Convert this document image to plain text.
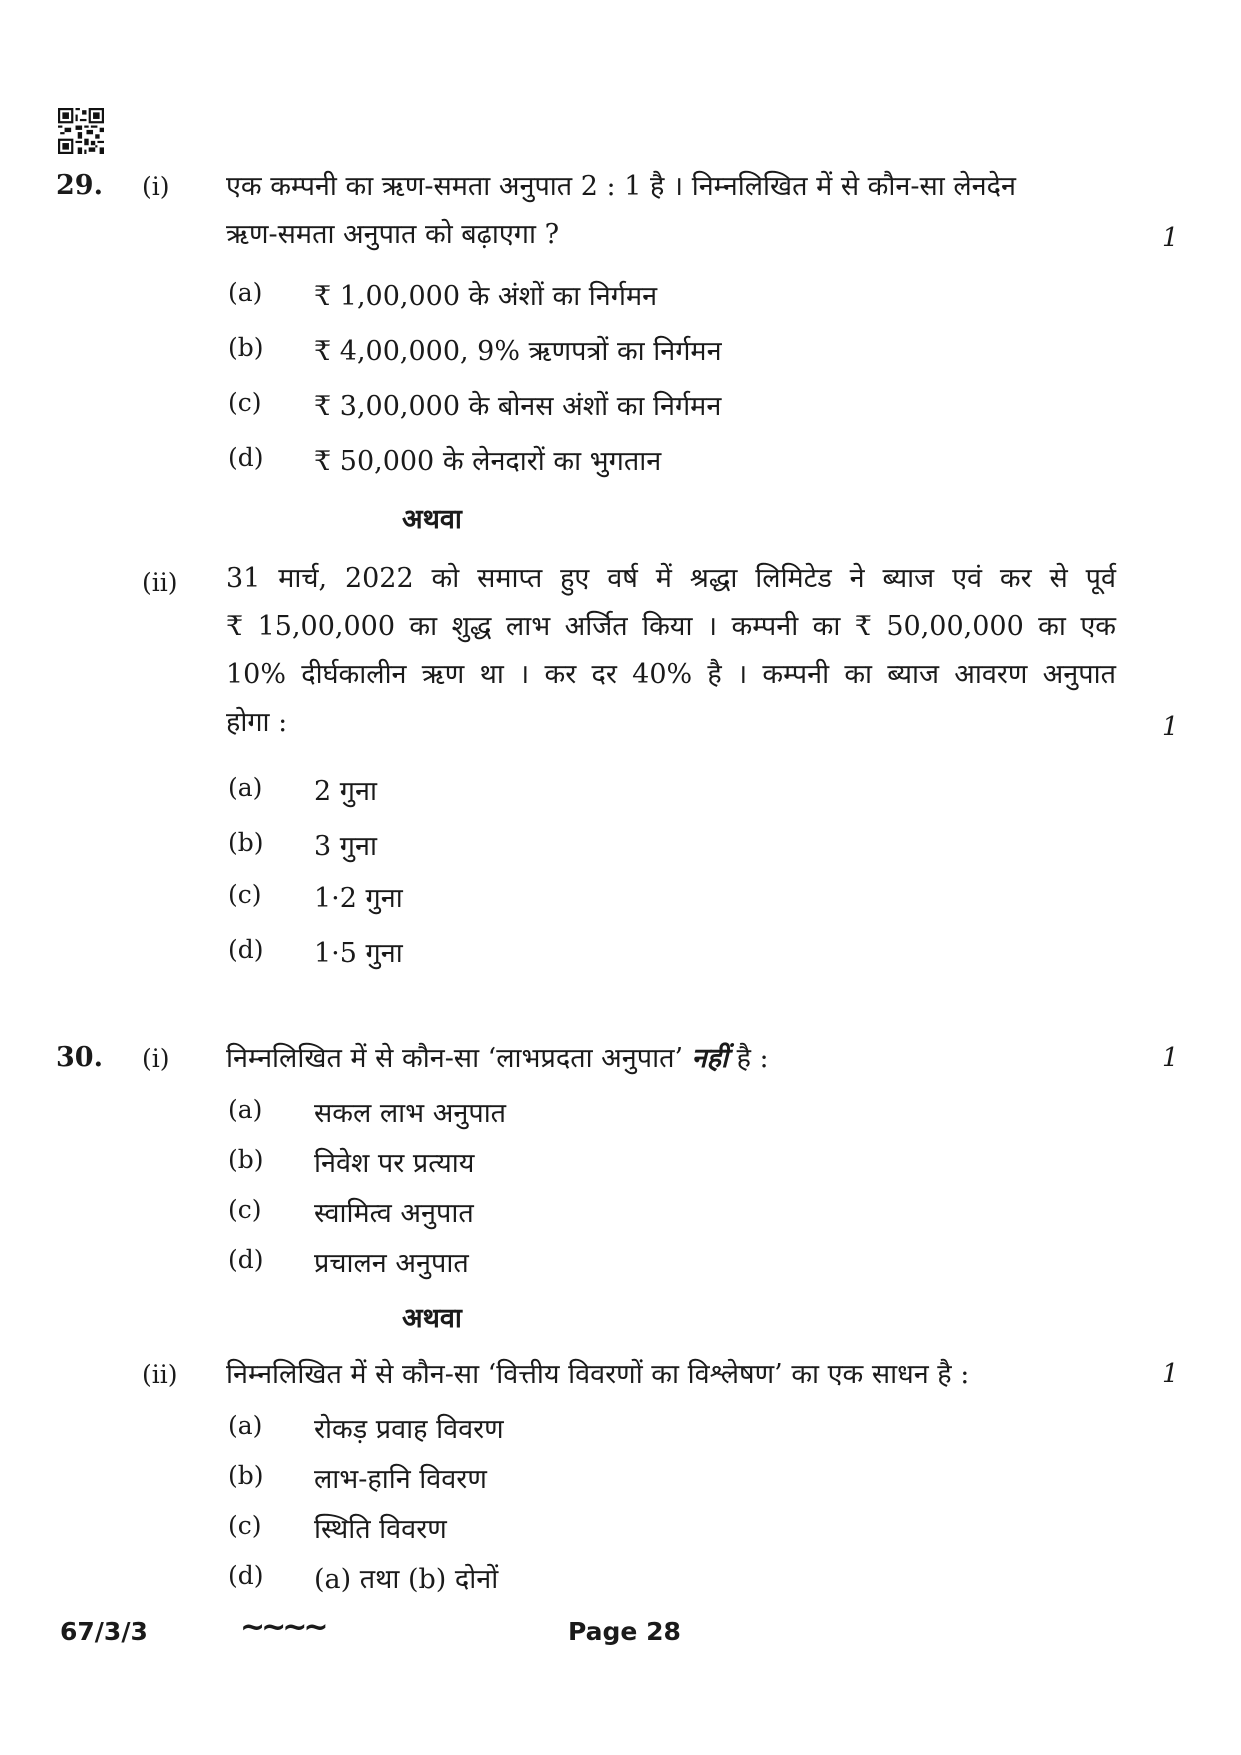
29. (i) एक कम्पनी का ऋण-समता अनुपात 2 : 1 है । निम्नलिखित में से कौन-सा लेनदेन
ऋण-समता अनुपात को बढ़ाएगा ?	1
(a) ₹ 1,00,000 के अंशों का निर्गमन
(b) ₹ 4,00,000, 9% ऋणपत्रों का निर्गमन
(c) ₹ 3,00,000 के बोनस अंशों का निर्गमन
(d) ₹ 50,000 के लेनदारों का भुगतान
अथवा
(ii) 31 मार्च, 2022 को समाप्त हुए वर्ष में श्रद्धा लिमिटेड ने ब्याज एवं कर से पूर्व
₹ 15,00,000 का शुद्ध लाभ अर्जित किया । कम्पनी का ₹ 50,00,000 का एक
10% दीर्घकालीन ऋण था । कर दर 40% है । कम्पनी का ब्याज आवरण अनुपात
होगा :	1
(a) 2 गुना
(b) 3 गुना
(c) 1·2 गुना
(d) 1·5 गुना
30. (i) निम्नलिखित में से कौन-सा ‘लाभप्रदता अनुपात’ नहीं है :	1
(a) सकल लाभ अनुपात
(b) निवेश पर प्रत्याय
(c) स्वामित्व अनुपात
(d) प्रचालन अनुपात
अथवा
(ii) निम्नलिखित में से कौन-सा ‘वित्तीय विवरणों का विश्लेषण’ का एक साधन है :	1
(a) रोकड़ प्रवाह विवरण
(b) लाभ-हानि विवरण
(c) स्थिति विवरण
(d) (a) तथा (b) दोनों
67/3/3	~~~~	Page 28
